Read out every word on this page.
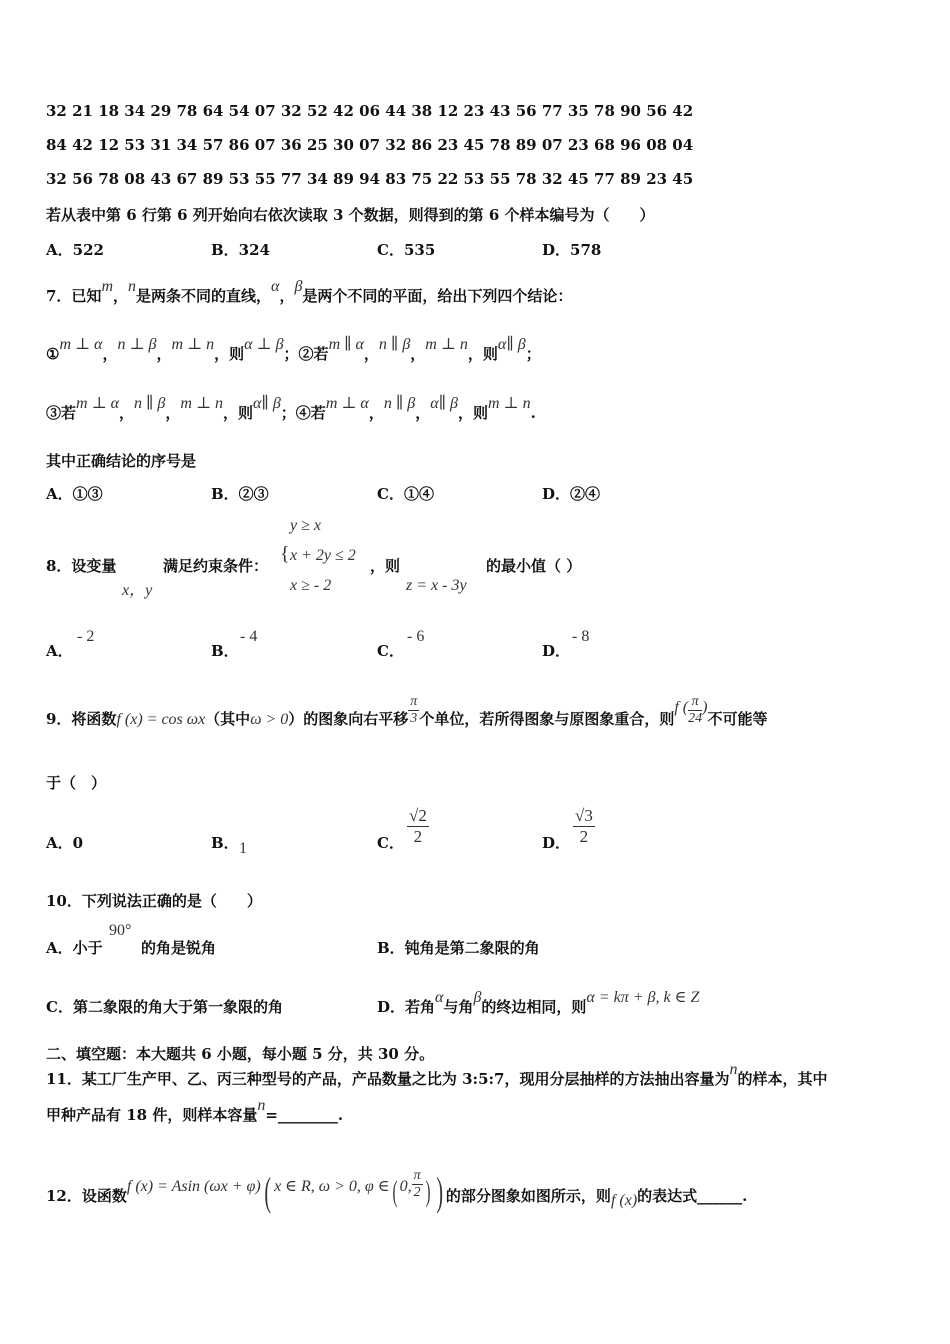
32 21 18 34 29 78 64 54 07 32 52 42 06 44 38 12 23 43 56 77 35 78 90 56 42
84 42 12 53 31 34 57 86 07 36 25 30 07 32 86 23 45 78 89 07 23 68 96 08 04
32 56 78 08 43 67 89 53 55 77 34 89 94 83 75 22 53 55 78 32 45 77 89 23 45
若从表中第 6 行第 6 列开始向右依次读取 3 个数据，则得到的第 6 个样本编号为（　　）
A．522	B．324	C．535	D．578
7．已知m，n是两条不同的直线，α，β是两个不同的平面，给出下列四个结论：
①m ⊥ α，n ⊥ β，m ⊥ n，则α ⊥ β；②若m ∥ α，n ∥ β，m ⊥ n，则α∥ β；
③若m ⊥ α，n ∥ β，m ⊥ n，则α∥ β；④若m ⊥ α，n ∥ β，α∥ β，则m ⊥ n.
其中正确结论的序号是
A．①③	B．②③	C．①④	D．②④
8．设变量
x，y
满足约束条件：
{
y ≥ x
x + 2y ≤ 2
x ≥ - 2
，则
z = x - 3y
的最小值（ ）
A．
- 2
B．
- 4
C．
- 6
D．
- 8
9．将函数f (x) = cos ωx（其中ω > 0）的图象向右平移 $\frac{\pi}{3}$ 个单位，若所得图象与原图象重合，则f ( $\frac{\pi}{24}$ )不可能等
于（　）
A．0	B． 1	C． $\frac{√2}{2}$	D． $\frac{√3}{2}$
10．下列说法正确的是（　　）
A．小于
90°
的角是锐角	B．钝角是第二象限的角
C．第二象限的角大于第一象限的角	D．若角α与角β的终边相同，则α = kπ + β, k ∈ Z
二、填空题：本大题共 6 小题，每小题 5 分，共 30 分。
11．某工厂生产甲、乙、丙三种型号的产品，产品数量之比为 3:5:7，现用分层抽样的方法抽出容量为n的样本，其中
甲种产品有 18 件，则样本容量n=________.
12．设函数f (x) = Asin (ωx + φ)( x ∈ R, ω > 0, φ ∈( 0, $\frac{\pi}{2}$ ) ) 的部分图象如图所示，则f (x)的表达式______.
